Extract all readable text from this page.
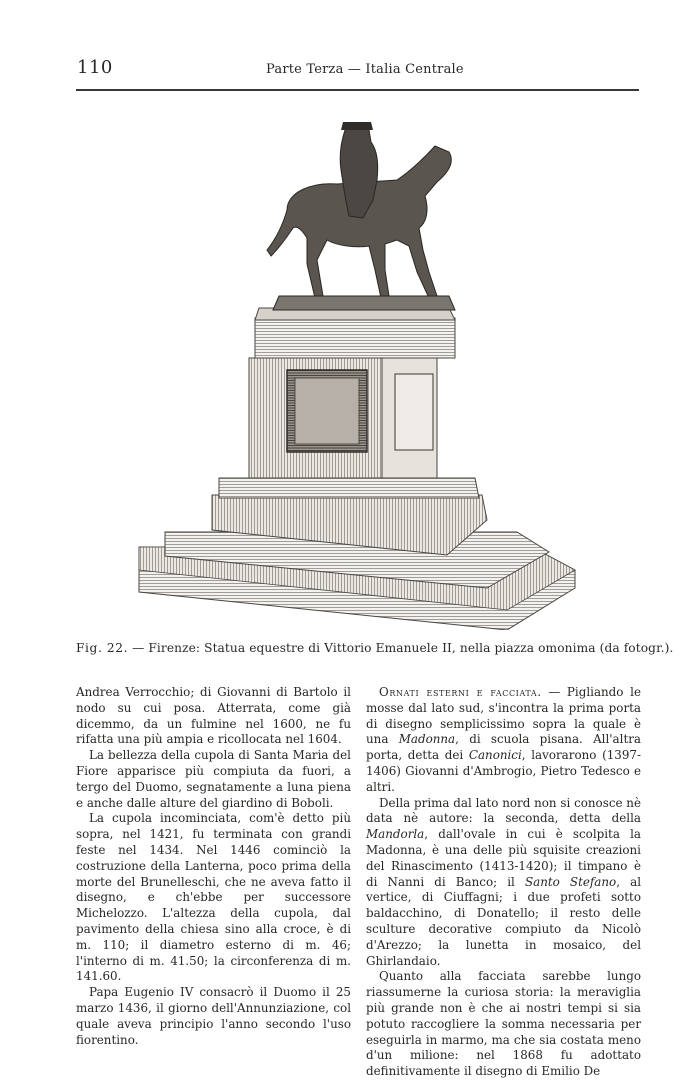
110	Parte Terza — Italia Centrale
Fig. 22. — Firenze: Statua equestre di Vittorio Emanuele II, nella piazza omonima (da fotogr.).

Andrea Verrocchio; di Giovanni di Bartolo il nodo su cui posa. Atterrata, come già dicemmo, da un fulmine nel 1600, ne fu rifatta una più ampia e ricollocata nel 1604.

La bellezza della cupola di Santa Maria del Fiore apparisce più compiuta da fuori, a tergo del Duomo, segnatamente a luna piena e anche dalle alture del giardino di Boboli.

La cupola incominciata, com'è detto più sopra, nel 1421, fu terminata con grandi feste nel 1434. Nel 1446 cominciò la costruzione della Lanterna, poco prima della morte del Brunelleschi, che ne aveva fatto il disegno, e ch'ebbe per successore Michelozzo. L'altezza della cupola, dal pavimento della chiesa sino alla croce, è di m. 110; il diametro esterno di m. 46; l'interno di m. 41.50; la circonferenza di m. 141.60.

Papa Eugenio IV consacrò il Duomo il 25 marzo 1436, il giorno dell'Annunziazione, col quale aveva principio l'anno secondo l'uso fiorentino.

Ornati esterni e facciata. — Pigliando le mosse dal lato sud, s'incontra la prima porta di disegno semplicissimo sopra la quale è una Madonna, di scuola pisana. All'altra porta, detta dei Canonici, lavorarono (1397-1406) Giovanni d'Ambrogio, Pietro Tedesco e altri.

Della prima dal lato nord non si conosce nè data nè autore: la seconda, detta della Mandorla, dall'ovale in cui è scolpita la Madonna, è una delle più squisite creazioni del Rinascimento (1413-1420); il timpano è di Nanni di Banco; il Santo Stefano, al vertice, di Ciuffagni; i due profeti sotto baldacchino, di Donatello; il resto delle sculture decorative compiuto da Nicolò d'Arezzo; la lunetta in mosaico, del Ghirlandaio.

Quanto alla facciata sarebbe lungo riassumerne la curiosa storia: la meraviglia più grande non è che ai nostri tempi si sia potuto raccogliere la somma necessaria per eseguirla in marmo, ma che sia costata meno d'un milione: nel 1868 fu adottato definitivamente il disegno di Emilio De
